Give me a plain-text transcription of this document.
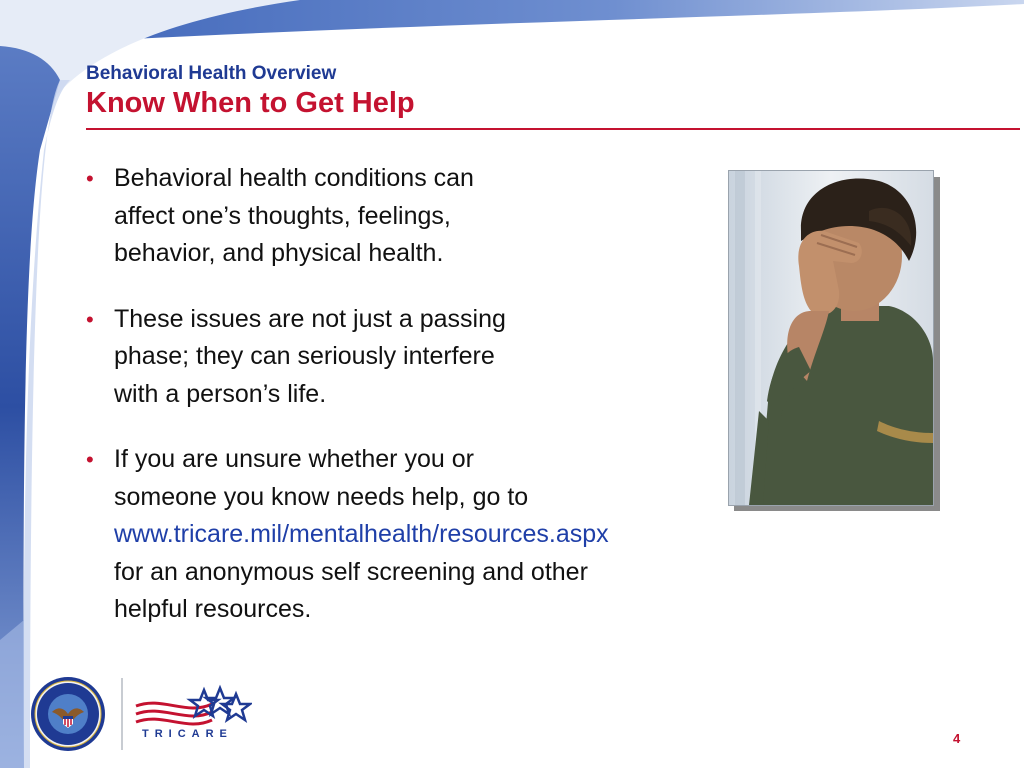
Behavioral Health Overview
Know When to Get Help
• Behavioral health conditions can
affect one’s thoughts, feelings,
behavior, and physical health.
• These issues are not just a passing
phase; they can seriously interfere
with a person’s life.
• If you are unsure whether you or
someone you know needs help, go to
www.tricare.mil/mentalhealth/resources.aspx
for an anonymous self screening and other
helpful resources.
TRICARE	4
